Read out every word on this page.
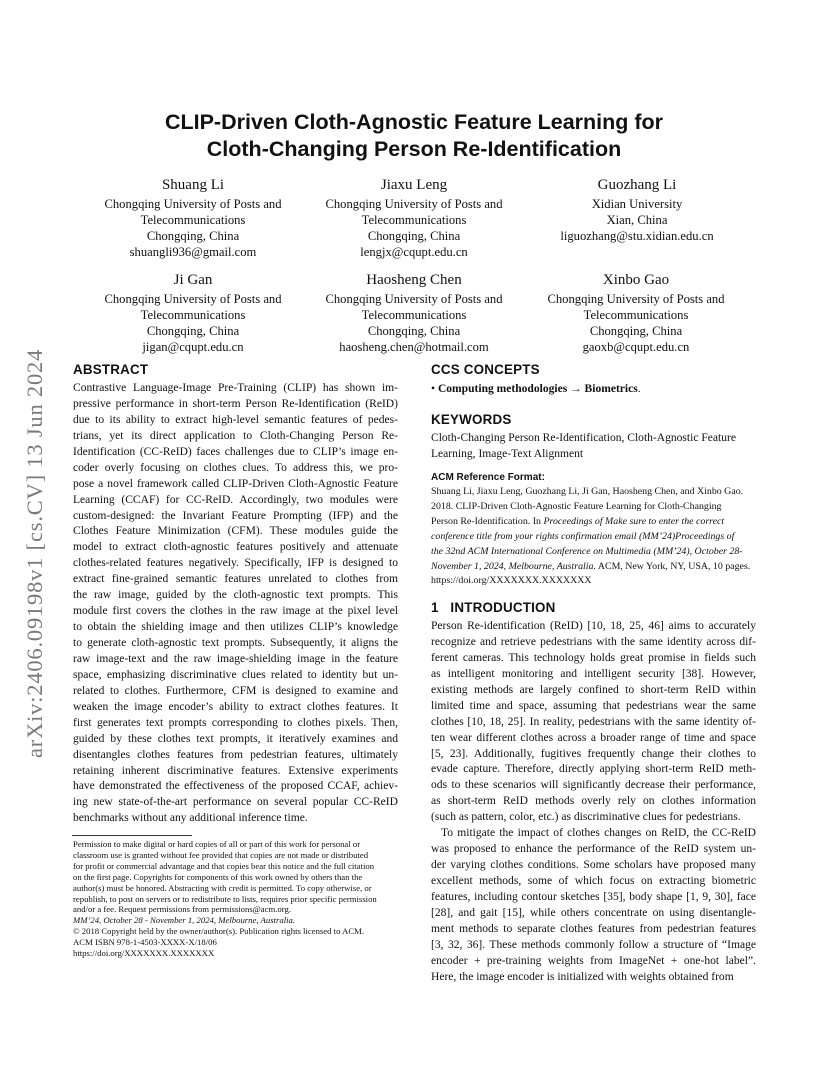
arXiv:2406.09198v1 [cs.CV] 13 Jun 2024
CLIP-Driven Cloth-Agnostic Feature Learning for
Cloth-Changing Person Re-Identification
Shuang Li
Chongqing University of Posts and
Telecommunications
Chongqing, China
shuangli936@gmail.com
Jiaxu Leng
Chongqing University of Posts and
Telecommunications
Chongqing, China
lengjx@cqupt.edu.cn
Guozhang Li
Xidian University
Xian, China
liguozhang@stu.xidian.edu.cn
Ji Gan
Chongqing University of Posts and
Telecommunications
Chongqing, China
jigan@cqupt.edu.cn
Haosheng Chen
Chongqing University of Posts and
Telecommunications
Chongqing, China
haosheng.chen@hotmail.com
Xinbo Gao
Chongqing University of Posts and
Telecommunications
Chongqing, China
gaoxb@cqupt.edu.cn
ABSTRACT
Contrastive Language-Image Pre-Training (CLIP) has shown im-
pressive performance in short-term Person Re-Identification (ReID)
due to its ability to extract high-level semantic features of pedes-
trians, yet its direct application to Cloth-Changing Person Re-
Identification (CC-ReID) faces challenges due to CLIP’s image en-
coder overly focusing on clothes clues. To address this, we pro-
pose a novel framework called CLIP-Driven Cloth-Agnostic Feature
Learning (CCAF) for CC-ReID. Accordingly, two modules were
custom-designed: the Invariant Feature Prompting (IFP) and the
Clothes Feature Minimization (CFM). These modules guide the
model to extract cloth-agnostic features positively and attenuate
clothes-related features negatively. Specifically, IFP is designed to
extract fine-grained semantic features unrelated to clothes from
the raw image, guided by the cloth-agnostic text prompts. This
module first covers the clothes in the raw image at the pixel level
to obtain the shielding image and then utilizes CLIP’s knowledge
to generate cloth-agnostic text prompts. Subsequently, it aligns the
raw image-text and the raw image-shielding image in the feature
space, emphasizing discriminative clues related to identity but un-
related to clothes. Furthermore, CFM is designed to examine and
weaken the image encoder’s ability to extract clothes features. It
first generates text prompts corresponding to clothes pixels. Then,
guided by these clothes text prompts, it iteratively examines and
disentangles clothes features from pedestrian features, ultimately
retaining inherent discriminative features. Extensive experiments
have demonstrated the effectiveness of the proposed CCAF, achiev-
ing new state-of-the-art performance on several popular CC-ReID
benchmarks without any additional inference time.
Permission to make digital or hard copies of all or part of this work for personal or
classroom use is granted without fee provided that copies are not made or distributed
for profit or commercial advantage and that copies bear this notice and the full citation
on the first page. Copyrights for components of this work owned by others than the
author(s) must be honored. Abstracting with credit is permitted. To copy otherwise, or
republish, to post on servers or to redistribute to lists, requires prior specific permission
and/or a fee. Request permissions from permissions@acm.org.
MM’24, October 28 - November 1, 2024, Melbourne, Australia.
© 2018 Copyright held by the owner/author(s). Publication rights licensed to ACM.
ACM ISBN 978-1-4503-XXXX-X/18/06
https://doi.org/XXXXXXX.XXXXXXX
CCS CONCEPTS
• Computing methodologies → Biometrics.
KEYWORDS
Cloth-Changing Person Re-Identification, Cloth-Agnostic Feature
Learning, Image-Text Alignment
ACM Reference Format:
Shuang Li, Jiaxu Leng, Guozhang Li, Ji Gan, Haosheng Chen, and Xinbo Gao.
2018. CLIP-Driven Cloth-Agnostic Feature Learning for Cloth-Changing
Person Re-Identification. In Proceedings of Make sure to enter the correct
conference title from your rights confirmation email (MM’24)Proceedings of
the 32nd ACM International Conference on Multimedia (MM’24), October 28-
November 1, 2024, Melbourne, Australia. ACM, New York, NY, USA, 10 pages.
https://doi.org/XXXXXXX.XXXXXXX
1 INTRODUCTION
Person Re-identification (ReID) [10, 18, 25, 46] aims to accurately
recognize and retrieve pedestrians with the same identity across dif-
ferent cameras. This technology holds great promise in fields such
as intelligent monitoring and intelligent security [38]. However,
existing methods are largely confined to short-term ReID within
limited time and space, assuming that pedestrians wear the same
clothes [10, 18, 25]. In reality, pedestrians with the same identity of-
ten wear different clothes across a broader range of time and space
[5, 23]. Additionally, fugitives frequently change their clothes to
evade capture. Therefore, directly applying short-term ReID meth-
ods to these scenarios will significantly decrease their performance,
as short-term ReID methods overly rely on clothes information
(such as pattern, color, etc.) as discriminative clues for pedestrians.
To mitigate the impact of clothes changes on ReID, the CC-ReID
was proposed to enhance the performance of the ReID system un-
der varying clothes conditions. Some scholars have proposed many
excellent methods, some of which focus on extracting biometric
features, including contour sketches [35], body shape [1, 9, 30], face
[28], and gait [15], while others concentrate on using disentangle-
ment methods to separate clothes features from pedestrian features
[3, 32, 36]. These methods commonly follow a structure of “Image
encoder + pre-training weights from ImageNet + one-hot label”.
Here, the image encoder is initialized with weights obtained from
